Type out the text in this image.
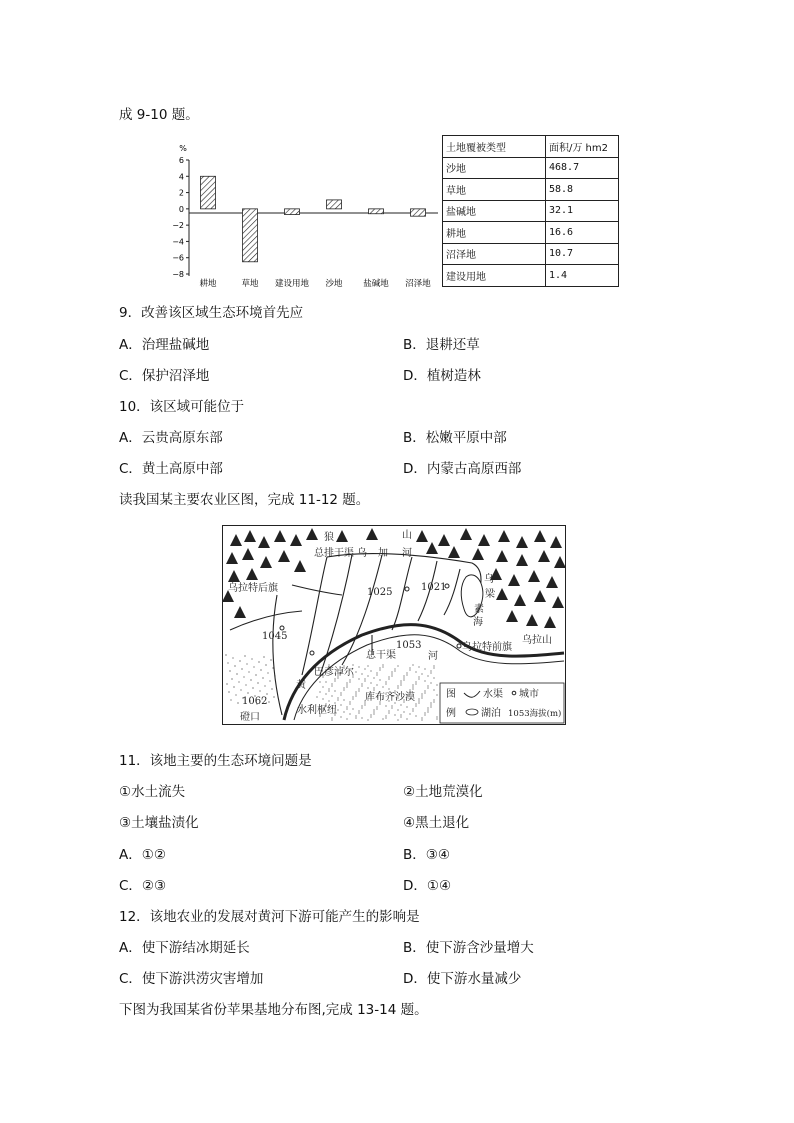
成 9-10 题。
%
6
4
2
0
−2
−4
−6
−8
耕地	草地 建设用地 沙地 盐碱地 沼泽地
土地覆被类型	面积/万 hm2
沙地	468.7
草地	58.8
盐碱地	32.1
耕地	16.6
沼泽地	10.7
建设用地	1.4
9．改善该区域生态环境首先应
A．治理盐碱地	B．退耕还草
C．保护沼泽地	D．植树造林
10．该区域可能位于
A．云贵高原东部	B．松嫩平原中部
C．黄土高原中部	D．内蒙古高原西部
读我国某主要农业区图，完成 11-12 题。
狼	山
总排干渠 乌 加 河
乌拉特后旗	1025	1021
1045
1053
1062
乌
梁
素
海
乌拉山
总干渠	河
乌拉特前旗
巴彦淖尔
黄
库布齐沙漠
磴口
水利枢纽
图
例
水渠 城市
湖泊 1053海拔(m)
11．该地主要的生态环境问题是
①水土流失	②土地荒漠化
③土壤盐渍化	④黑土退化
A．①②	B．③④
C．②③	D．①④
12．该地农业的发展对黄河下游可能产生的影响是
A．使下游结冰期延长	B．使下游含沙量增大
C．使下游洪涝灾害增加	D．使下游水量减少
下图为我国某省份苹果基地分布图,完成 13-14 题。
